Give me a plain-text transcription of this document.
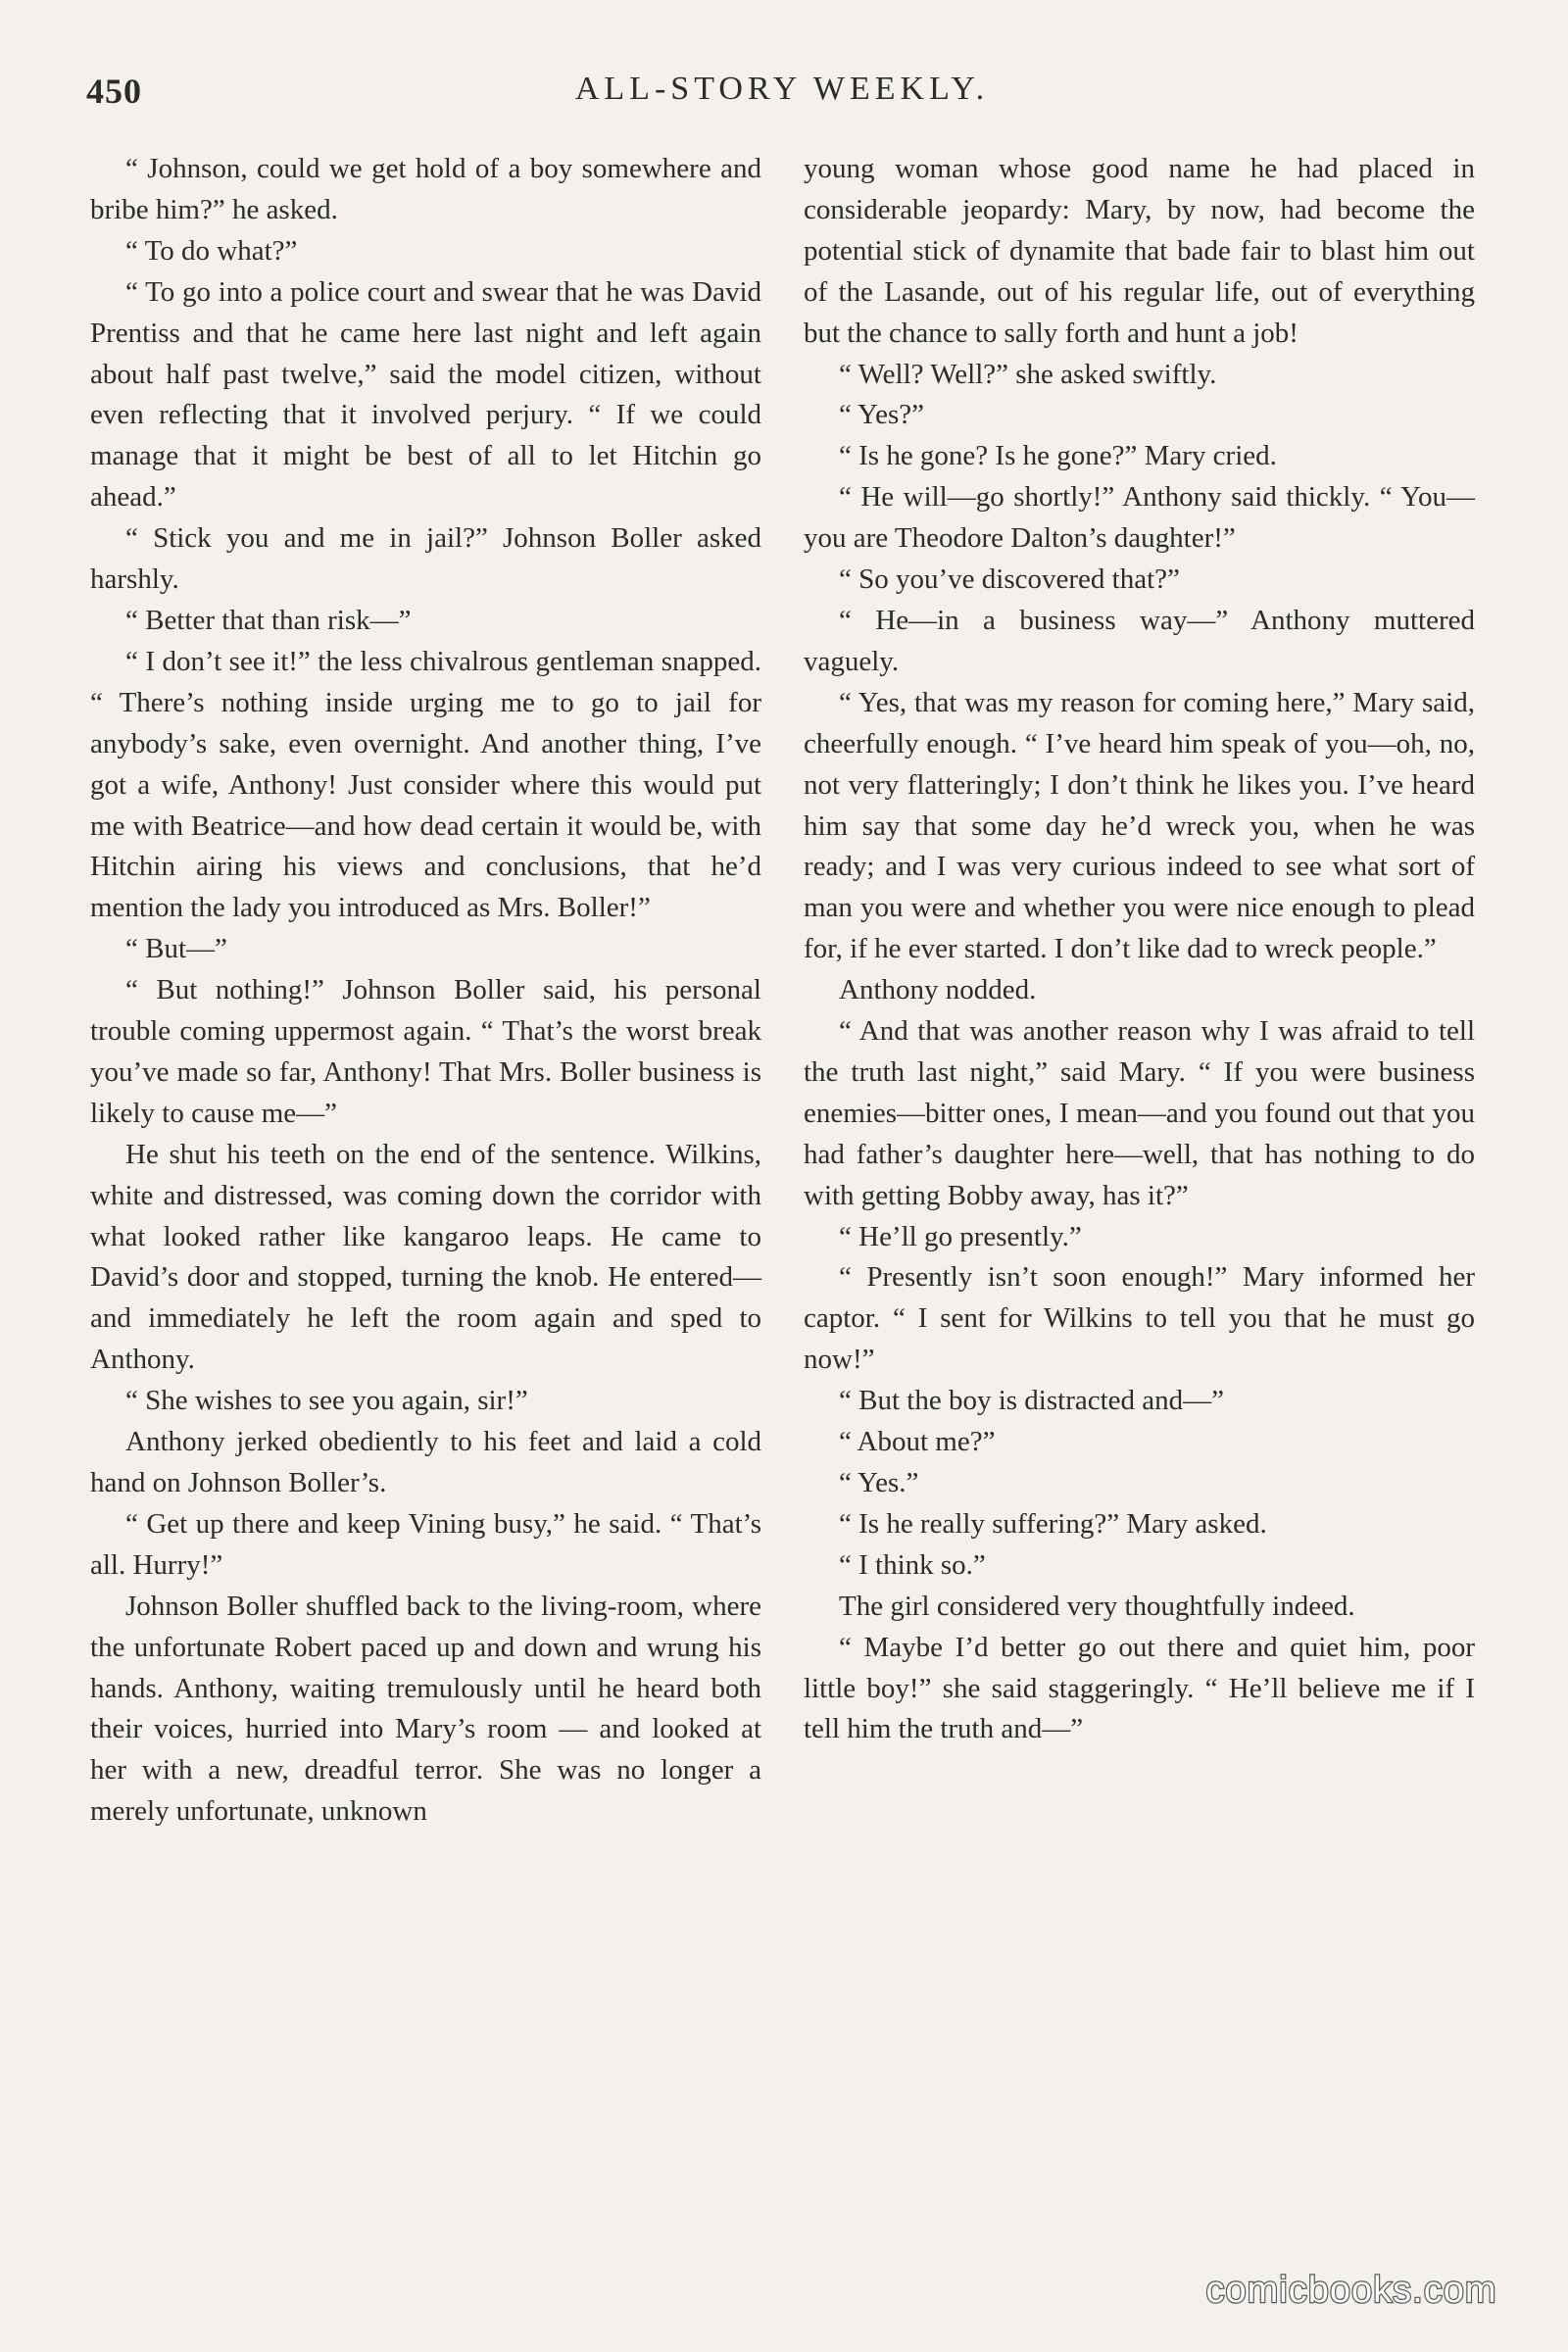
450	ALL-STORY WEEKLY.

“ Johnson, could we get hold of a boy somewhere and bribe him?” he asked.

“ To do what?”

“ To go into a police court and swear that he was David Prentiss and that he came here last night and left again about half past twelve,” said the model citizen, without even reflecting that it involved perjury. “ If we could manage that it might be best of all to let Hitchin go ahead.”

“ Stick you and me in jail?” Johnson Boller asked harshly.

“ Better that than risk—”

“ I don’t see it!” the less chivalrous gentleman snapped. “ There’s nothing inside urging me to go to jail for anybody’s sake, even overnight. And another thing, I’ve got a wife, Anthony! Just consider where this would put me with Beatrice—and how dead certain it would be, with Hitchin airing his views and conclusions, that he’d mention the lady you introduced as Mrs. Boller!”

“ But—”

“ But nothing!” Johnson Boller said, his personal trouble coming uppermost again. “ That’s the worst break you’ve made so far, Anthony! That Mrs. Boller business is likely to cause me—”

He shut his teeth on the end of the sentence. Wilkins, white and distressed, was coming down the corridor with what looked rather like kangaroo leaps. He came to David’s door and stopped, turning the knob. He entered—and immediately he left the room again and sped to Anthony.

“ She wishes to see you again, sir!”

Anthony jerked obediently to his feet and laid a cold hand on Johnson Boller’s.

“ Get up there and keep Vining busy,” he said. “ That’s all. Hurry!”

Johnson Boller shuffled back to the living-room, where the unfortunate Robert paced up and down and wrung his hands. Anthony, waiting tremulously until he heard both their voices, hurried into Mary’s room — and looked at her with a new, dreadful terror. She was no longer a merely unfortunate, unknown

young woman whose good name he had placed in considerable jeopardy: Mary, by now, had become the potential stick of dynamite that bade fair to blast him out of the Lasande, out of his regular life, out of everything but the chance to sally forth and hunt a job!

“ Well? Well?” she asked swiftly.

“ Yes?”

“ Is he gone? Is he gone?” Mary cried.

“ He will—go shortly!” Anthony said thickly. “ You—you are Theodore Dalton’s daughter!”

“ So you’ve discovered that?”

“ He—in a business way—” Anthony muttered vaguely.

“ Yes, that was my reason for coming here,” Mary said, cheerfully enough. “ I’ve heard him speak of you—oh, no, not very flatteringly; I don’t think he likes you. I’ve heard him say that some day he’d wreck you, when he was ready; and I was very curious indeed to see what sort of man you were and whether you were nice enough to plead for, if he ever started. I don’t like dad to wreck people.”

Anthony nodded.

“ And that was another reason why I was afraid to tell the truth last night,” said Mary. “ If you were business enemies—bitter ones, I mean—and you found out that you had father’s daughter here—well, that has nothing to do with getting Bobby away, has it?”

“ He’ll go presently.”

“ Presently isn’t soon enough!” Mary informed her captor. “ I sent for Wilkins to tell you that he must go now!”

“ But the boy is distracted and—”

“ About me?”

“ Yes.”

“ Is he really suffering?” Mary asked.

“ I think so.”

The girl considered very thoughtfully indeed.

“ Maybe I’d better go out there and quiet him, poor little boy!” she said staggeringly. “ He’ll believe me if I tell him the truth and—”

comicbooks.com
